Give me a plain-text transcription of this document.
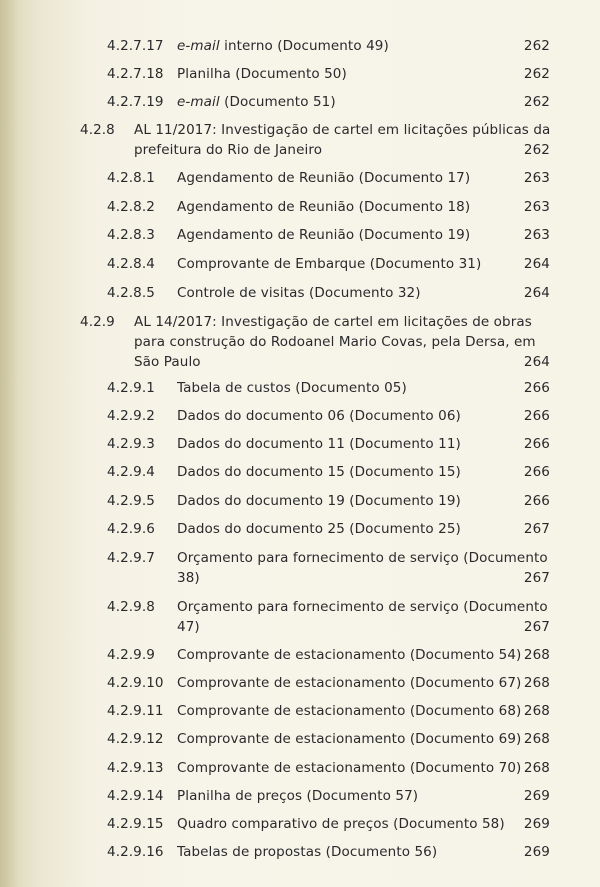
4.2.7.17 e-mail interno (Documento 49)	262
4.2.7.18 Planilha (Documento 50)	262
4.2.7.19 e-mail (Documento 51)	262
4.2.8 AL 11/2017: Investigação de cartel em licitações públicas da
prefeitura do Rio de Janeiro	262
4.2.8.1 Agendamento de Reunião (Documento 17)	263
4.2.8.2 Agendamento de Reunião (Documento 18)	263
4.2.8.3 Agendamento de Reunião (Documento 19)	263
4.2.8.4 Comprovante de Embarque (Documento 31)	264
4.2.8.5 Controle de visitas (Documento 32)	264
4.2.9 AL 14/2017: Investigação de cartel em licitações de obras
para construção do Rodoanel Mario Covas, pela Dersa, em
São Paulo	264
4.2.9.1 Tabela de custos (Documento 05)	266
4.2.9.2 Dados do documento 06 (Documento 06)	266
4.2.9.3 Dados do documento 11 (Documento 11)	266
4.2.9.4 Dados do documento 15 (Documento 15)	266
4.2.9.5 Dados do documento 19 (Documento 19)	266
4.2.9.6 Dados do documento 25 (Documento 25)	267
4.2.9.7 Orçamento para fornecimento de serviço (Documento
38)	267
4.2.9.8 Orçamento para fornecimento de serviço (Documento
47)	267
4.2.9.9 Comprovante de estacionamento (Documento 54) 268
4.2.9.10 Comprovante de estacionamento (Documento 67) 268
4.2.9.11 Comprovante de estacionamento (Documento 68) 268
4.2.9.12 Comprovante de estacionamento (Documento 69) 268
4.2.9.13 Comprovante de estacionamento (Documento 70) 268
4.2.9.14 Planilha de preços (Documento 57)	269
4.2.9.15 Quadro comparativo de preços (Documento 58) 269
4.2.9.16 Tabelas de propostas (Documento 56)	269
